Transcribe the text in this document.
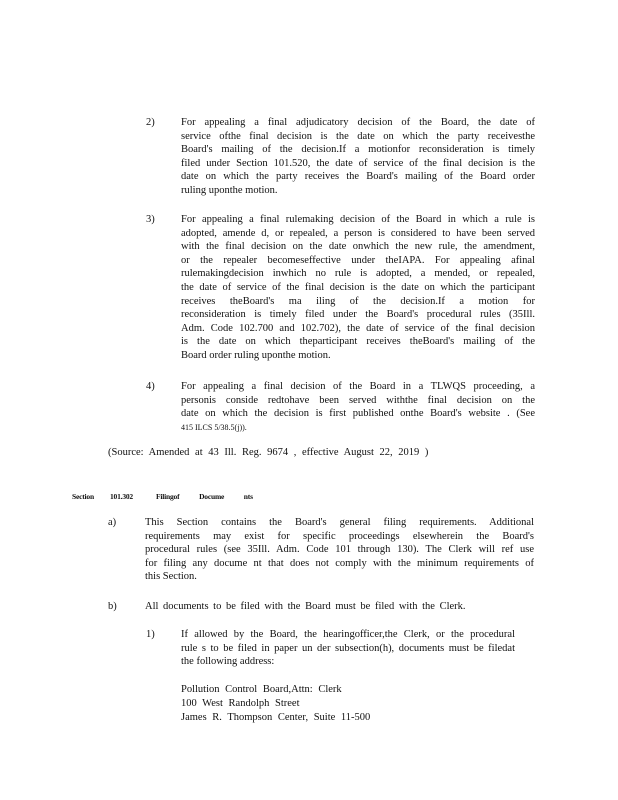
2)	For appealing a final adjudicatory decision of the Board, the date of
service ofthe final decision is the date on which the party receivesthe
Board's mailing of the decision.If a motionfor reconsideration is timely
filed under Section 101.520, the date of service of the final decision is the
date on which the party receives the Board's mailing of the Board order
ruling uponthe motion.
3)	For appealing a final rulemaking decision of the Board in which a rule is
adopted, amende d, or repealed, a person is considered to have been served
with the final decision on the date onwhich the new rule, the amendment,
or the repealer becomeseffective under theIAPA. For appealing afinal
rulemakingdecision inwhich no rule is adopted, a mended, or repealed,
the date of service of the final decision is the date on which the participant
receives theBoard's ma iling of the decision.If a motion for
reconsideration is timely filed under the Board's procedural rules (35Ill.
Adm. Code 102.700 and 102.702), the date of service of the final decision
is the date on which theparticipant receives theBoard's mailing of the
Board order ruling uponthe motion.
4)	For appealing a final decision of the Board in a TLWQS proceeding, a
personis conside redtohave been served withthe final decision on the
date on which the decision is first published onthe Board's website . (See
415 ILCS 5/38.5(j)).
(Source: Amended at 43 Ill. Reg. 9674 , effective August 22, 2019 )
Section 101.302	Filingof Docume nts
a)	This Section contains the Board's general filing requirements. Additional
requirements may exist for specific proceedings elsewherein the Board's
procedural rules (see 35Ill. Adm. Code 101 through 130). The Clerk will ref use
for filing any docume nt that does not comply with the minimum requirements of
this Section.
b)	All documents to be filed with the Board must be filed with the Clerk.
1)	If allowed by the Board, the hearingofficer,the Clerk, or the procedural
rule s to be filed in paper un der subsection(h), documents must be filedat
the following address:
Pollution Control Board,Attn: Clerk
100 West Randolph Street
James R. Thompson Center, Suite 11-500
